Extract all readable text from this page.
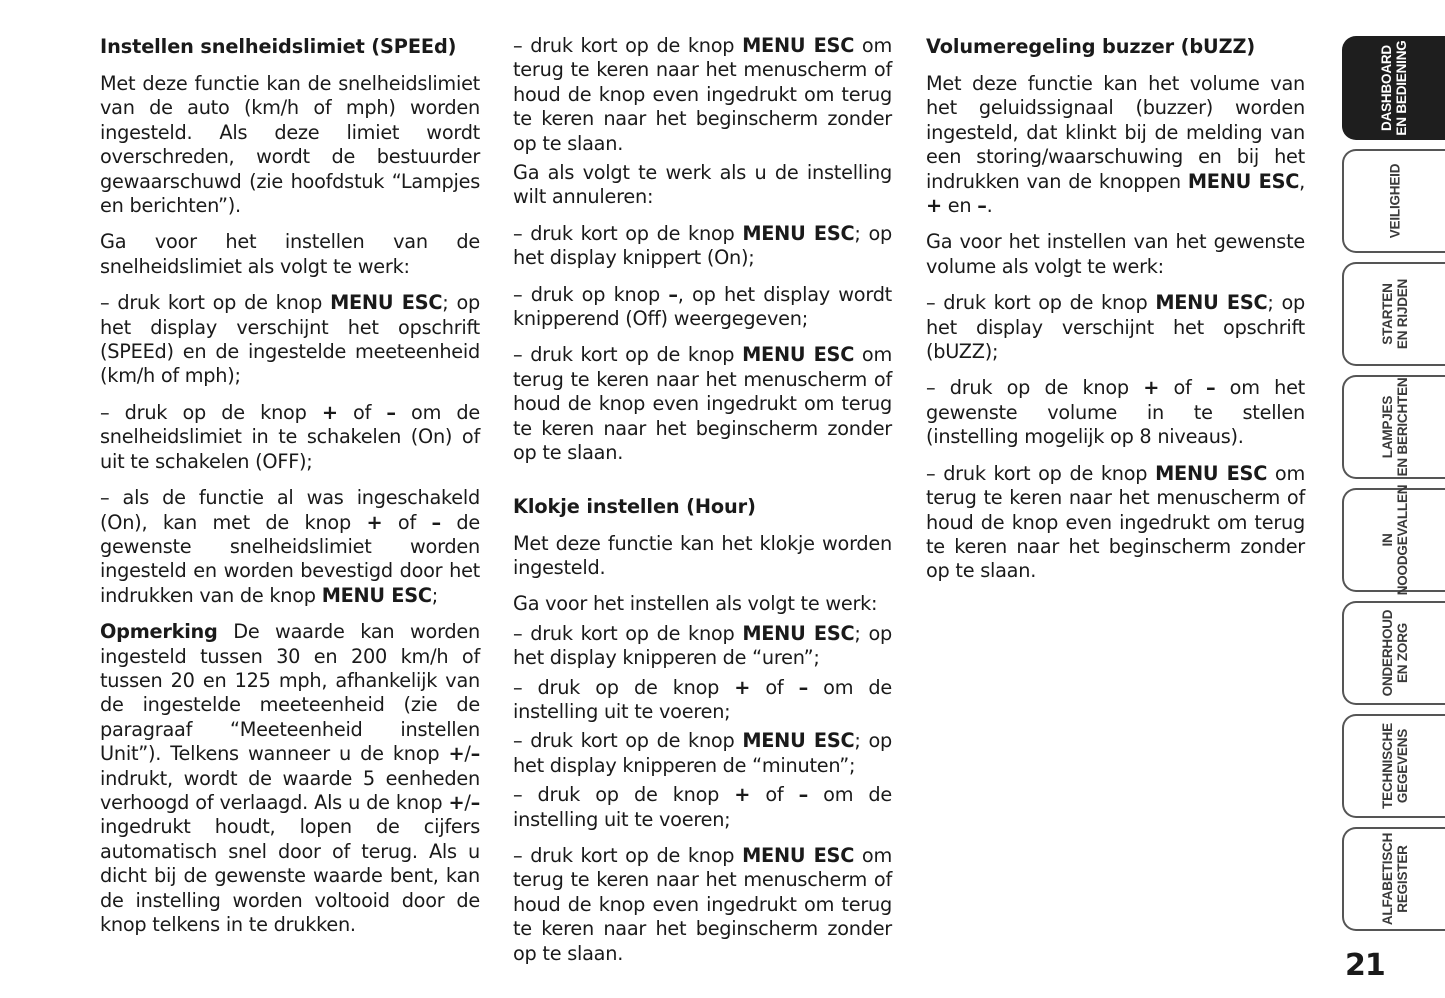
Instellen snelheidslimiet (SPEEd)

Met deze functie kan de snelheidslimiet van de auto (km/h of mph) worden ingesteld. Als deze limiet wordt overschreden, wordt de bestuurder gewaarschuwd (zie hoofdstuk “Lampjes en berichten”).

Ga voor het instellen van de snelheidslimiet als volgt te werk:

– druk kort op de knop MENU ESC; op het display verschijnt het opschrift (SPEEd) en de ingestelde meeteenheid (km/h of mph);

– druk op de knop + of – om de snelheidslimiet in te schakelen (On) of uit te schakelen (OFF);

– als de functie al was ingeschakeld (On), kan met de knop + of – de gewenste snelheidslimiet worden ingesteld en worden bevestigd door het indrukken van de knop MENU ESC;

Opmerking De waarde kan worden ingesteld tussen 30 en 200 km/h of tussen 20 en 125 mph, afhankelijk van de ingestelde meeteenheid (zie de paragraaf “Meeteenheid instellen Unit”). Telkens wanneer u de knop +/– indrukt, wordt de waarde 5 eenheden verhoogd of verlaagd. Als u de knop +/– ingedrukt houdt, lopen de cijfers automatisch snel door of terug. Als u dicht bij de gewenste waarde bent, kan de instelling worden voltooid door de knop telkens in te drukken.

– druk kort op de knop MENU ESC om terug te keren naar het menuscherm of houd de knop even ingedrukt om terug te keren naar het beginscherm zonder op te slaan.

Ga als volgt te werk als u de instelling wilt annuleren:

– druk kort op de knop MENU ESC; op het display knippert (On);

– druk op knop –, op het display wordt knipperend (Off) weergegeven;

– druk kort op de knop MENU ESC om terug te keren naar het menuscherm of houd de knop even ingedrukt om terug te keren naar het beginscherm zonder op te slaan.

Klokje instellen (Hour)

Met deze functie kan het klokje worden ingesteld.

Ga voor het instellen als volgt te werk:

– druk kort op de knop MENU ESC; op het display knipperen de “uren”;

– druk op de knop + of – om de instelling uit te voeren;

– druk kort op de knop MENU ESC; op het display knipperen de “minuten”;

– druk op de knop + of – om de instelling uit te voeren;

– druk kort op de knop MENU ESC om terug te keren naar het menuscherm of houd de knop even ingedrukt om terug te keren naar het beginscherm zonder op te slaan.

Volumeregeling buzzer (bUZZ)

Met deze functie kan het volume van het geluidssignaal (buzzer) worden ingesteld, dat klinkt bij de melding van een storing/waarschuwing en bij het indrukken van de knoppen MENU ESC, + en –.

Ga voor het instellen van het gewenste volume als volgt te werk:

– druk kort op de knop MENU ESC; op het display verschijnt het opschrift (bUZZ);

– druk op de knop + of – om het gewenste volume in te stellen (instelling mogelijk op 8 niveaus).

– druk kort op de knop MENU ESC om terug te keren naar het menuscherm of houd de knop even ingedrukt om terug te keren naar het beginscherm zonder op te slaan.

DASHBOARD EN BEDIENING
VEILIGHEID
STARTEN EN RIJDEN
LAMPJES EN BERICHTEN
IN NOODGEVALLEN
ONDERHOUD EN ZORG
TECHNISCHE GEGEVENS
ALFABETISCH REGISTER
21
